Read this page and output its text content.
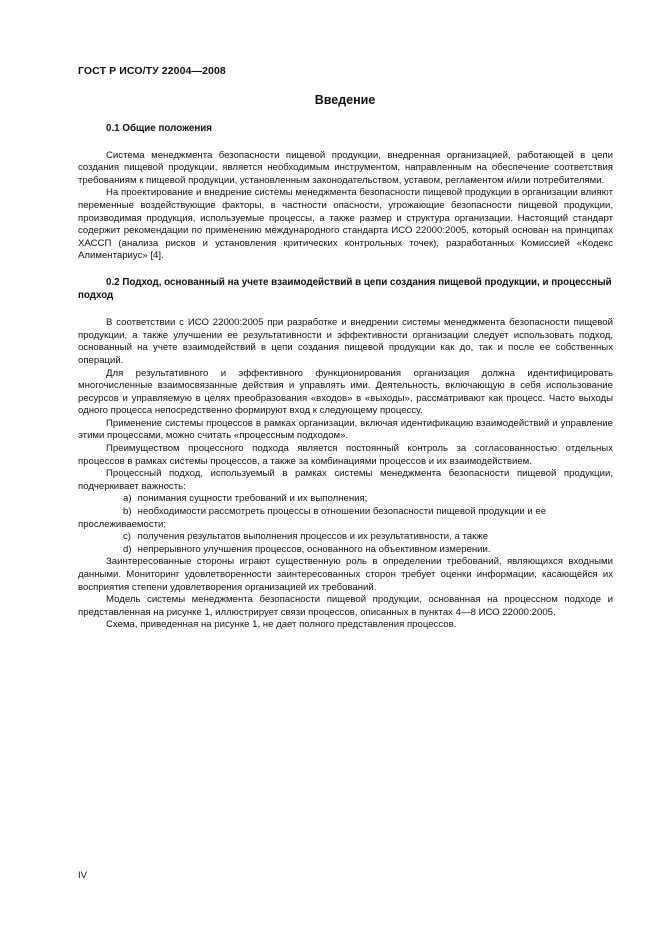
ГОСТ Р ИСО/ТУ 22004—2008
Введение
0.1 Общие положения

Система менеджмента безопасности пищевой продукции, внедренная организацией, работающей в цепи создания пищевой продукции, является необходимым инструментом, направленным на обеспечение соответствия требованиям к пищевой продукции, установленным законодательством, уставом, регламентом и/или потребителями.

На проектирование и внедрение системы менеджмента безопасности пищевой продукции в организации влияют переменные воздействующие факторы, в частности опасности, угрожающие безопасности пищевой продукции, производимая продукция, используемые процессы, а также размер и структура организации. Настоящий стандарт содержит рекомендации по применению международного стандарта ИСО 22000:2005, который основан на принципах ХАССП (анализа рисков и установления критических контрольных точек), разработанных Комиссией «Кодекс Алиментариус» [4].

0.2 Подход, основанный на учете взаимодействий в цепи создания пищевой продукции, и процессный подход

В соответствии с ИСО 22000:2005 при разработке и внедрении системы менеджмента безопасности пищевой продукции, а также улучшении ее результативности и эффективности организации следует использовать подход, основанный на учете взаимодействий в цепи создания пищевой продукции как до, так и после ее собственных операций.

Для результативного и эффективного функционирования организация должна идентифицировать многочисленные взаимосвязанные действия и управлять ими. Деятельность, включающую в себя использование ресурсов и управляемую в целях преобразования «входов» в «выходы», рассматривают как процесс. Часто выходы одного процесса непосредственно формируют вход к следующему процессу.

Применение системы процессов в рамках организации, включая идентификацию взаимодействий и управление этими процессами, можно считать «процессным подходом».

Преимуществом процессного подхода является постоянный контроль за согласованностью отдельных процессов в рамках системы процессов, а также за комбинациями процессов и их взаимодействием.

Процессный подход, используемый в рамках системы менеджмента безопасности пищевой продукции, подчеркивает важность:

а) понимания сущности требований и их выполнения;

b) необходимости рассмотреть процессы в отношении безопасности пищевой продукции и ее

прослеживаемости;

c) получения результатов выполнения процессов и их результативности, а также

d) непрерывного улучшения процессов, основанного на объективном измерении.

Заинтересованные стороны играют существенную роль в определении требований, являющихся входными данными. Мониторинг удовлетворенности заинтересованных сторон требует оценки информации, касающейся их восприятия степени удовлетворения организацией их требований.

Модель системы менеджмента безопасности пищевой продукции, основанная на процессном подходе и представленная на рисунке 1, иллюстрирует связи процессов, описанных в пунктах 4—8 ИСО 22000:2005.

Схема, приведенная на рисунке 1, не дает полного представления процессов.

IV
